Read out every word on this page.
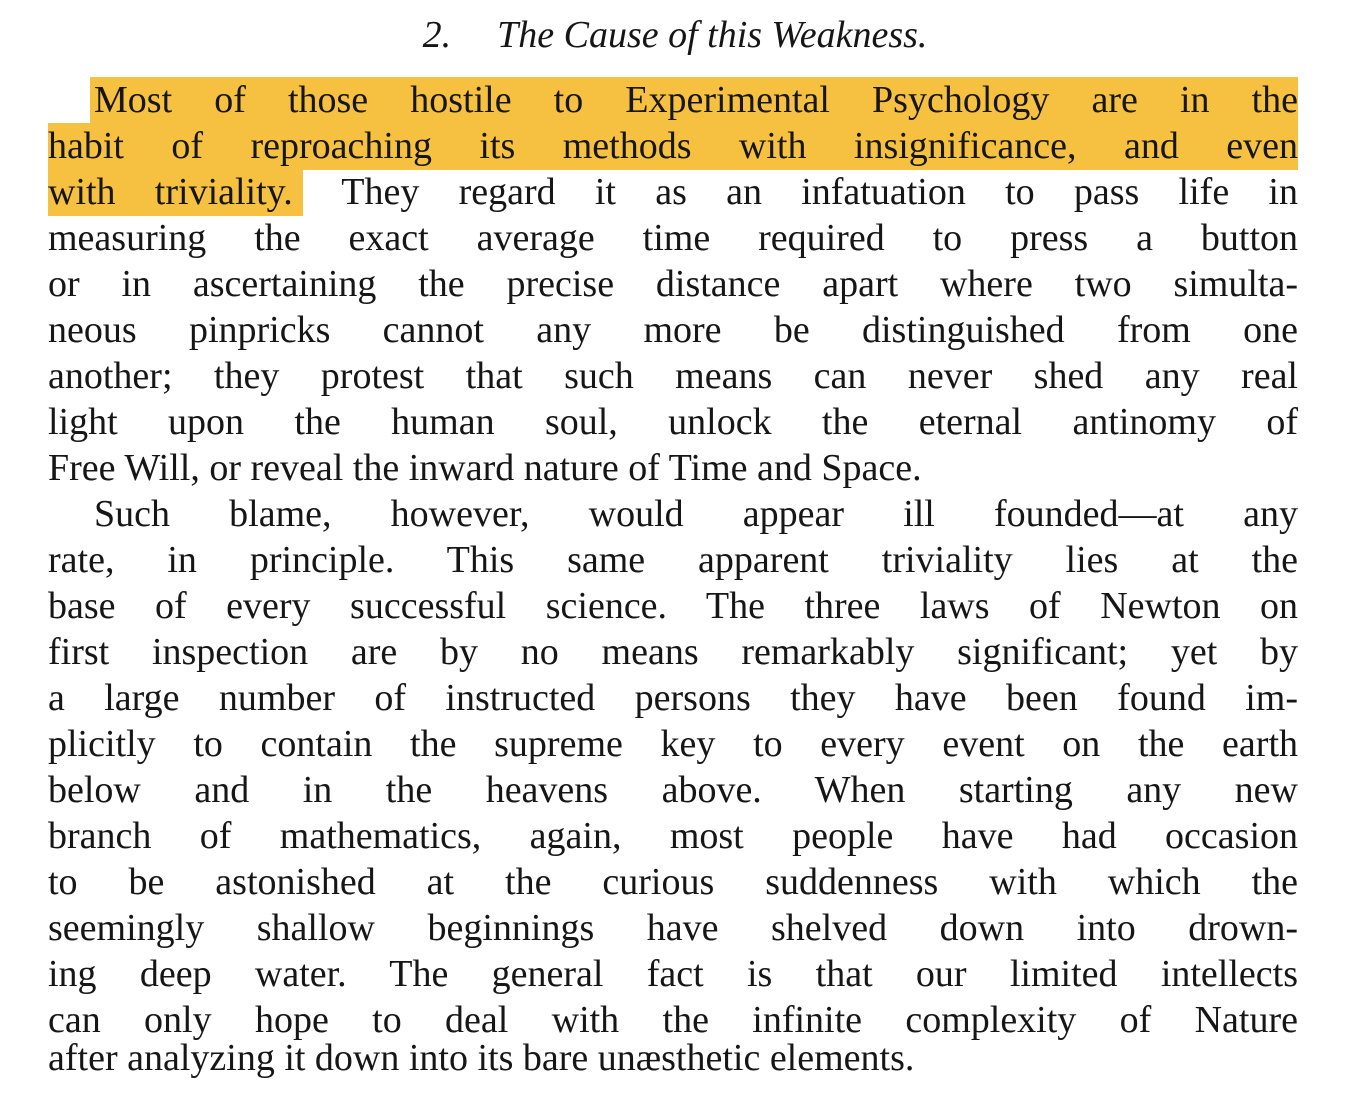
2. The Cause of this Weakness.
Most of those hostile to Experimental Psychology are in the
habit of reproaching its methods with insignificance, and even
with triviality. They regard it as an infatuation to pass life in
measuring the exact average time required to press a button
or in ascertaining the precise distance apart where two simulta-
neous pinpricks cannot any more be distinguished from one
another; they protest that such means can never shed any real
light upon the human soul, unlock the eternal antinomy of
Free Will, or reveal the inward nature of Time and Space.
Such blame, however, would appear ill founded—at any
rate, in principle. This same apparent triviality lies at the
base of every successful science. The three laws of Newton on
first inspection are by no means remarkably significant; yet by
a large number of instructed persons they have been found im-
plicitly to contain the supreme key to every event on the earth
below and in the heavens above. When starting any new
branch of mathematics, again, most people have had occasion
to be astonished at the curious suddenness with which the
seemingly shallow beginnings have shelved down into drown-
ing deep water. The general fact is that our limited intellects
can only hope to deal with the infinite complexity of Nature
after analyzing it down into its bare unæsthetic elements.
